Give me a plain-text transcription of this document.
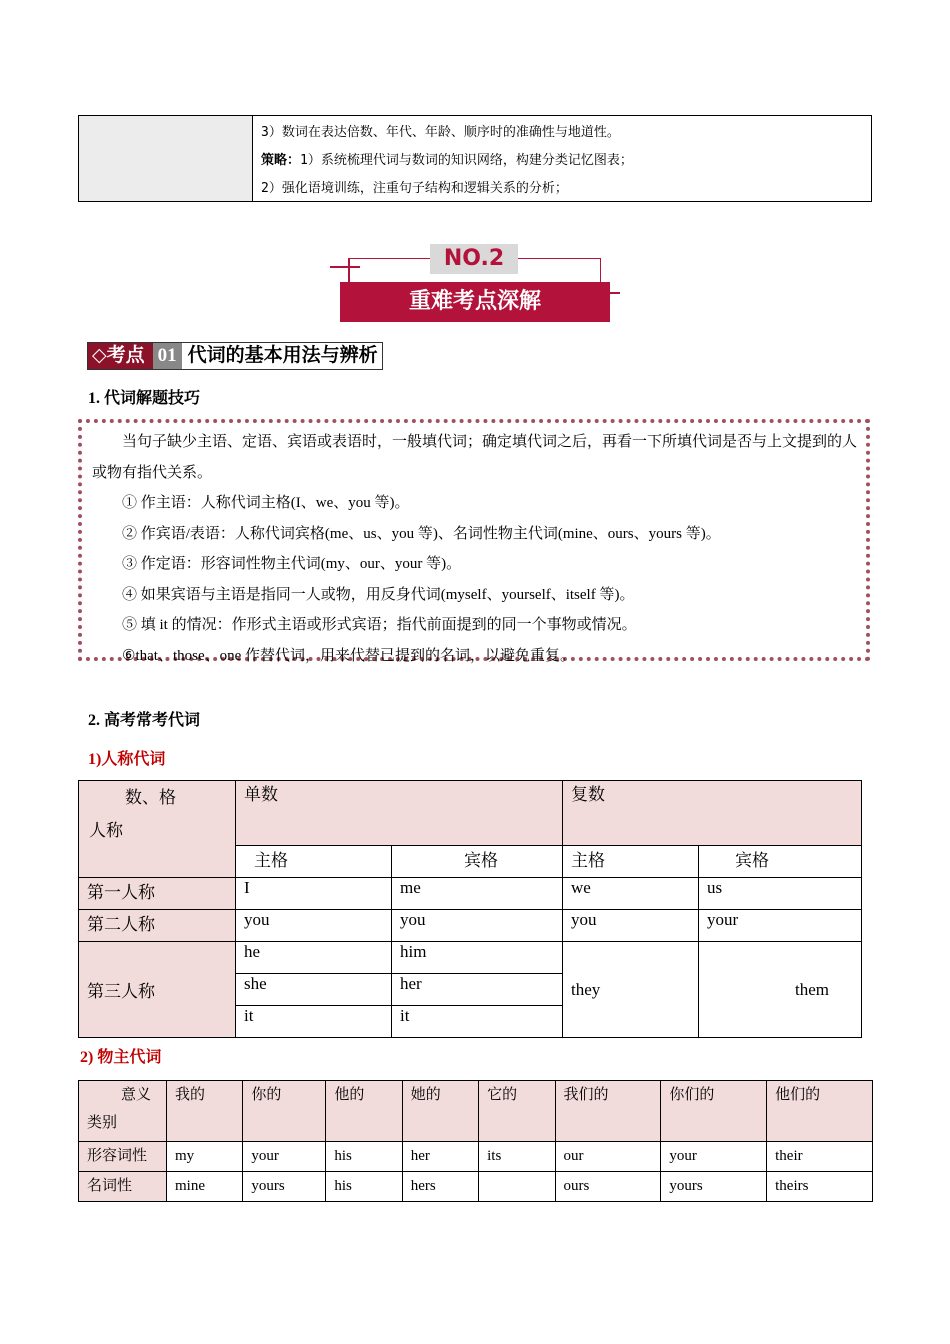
3）数词在表达倍数、年代、年龄、顺序时的准确性与地道性。
策略：1）系统梳理代词与数词的知识网络，构建分类记忆图表；
2）强化语境训练，注重句子结构和逻辑关系的分析；
NO.2
重难考点深解
◇考点 01 代词的基本用法与辨析
1. 代词解题技巧

当句子缺少主语、定语、宾语或表语时，一般填代词；确定填代词之后，再看一下所填代词是否与上文提到的人或物有指代关系。

① 作主语：人称代词主格(I、we、you 等)。

② 作宾语/表语：人称代词宾格(me、us、you 等)、名词性物主代词(mine、ours、yours 等)。

③ 作定语：形容词性物主代词(my、our、your 等)。

④ 如果宾语与主语是指同一人或物，用反身代词(myself、yourself、itself 等)。

⑤ 填 it 的情况：作形式主语或形式宾语；指代前面提到的同一个事物或情况。

⑥that、those、one 作替代词，用来代替已提到的名词，以避免重复。

2. 高考常考代词
1)人称代词
数、格
人称	单数		复数	
	主格	宾格	主格	宾格
第一人称	I	me	we	us
第二人称	you	you	you	your
第三人称	he	him	they	them
	she	her		
	it	it		
2) 物主代词
意义
类别	我的	你的	他的	她的	它的	我们的	你们的	他们的
形容词性	my	your	his	her	its	our	your	their
名词性	mine	yours	his	hers		ours	yours	theirs
